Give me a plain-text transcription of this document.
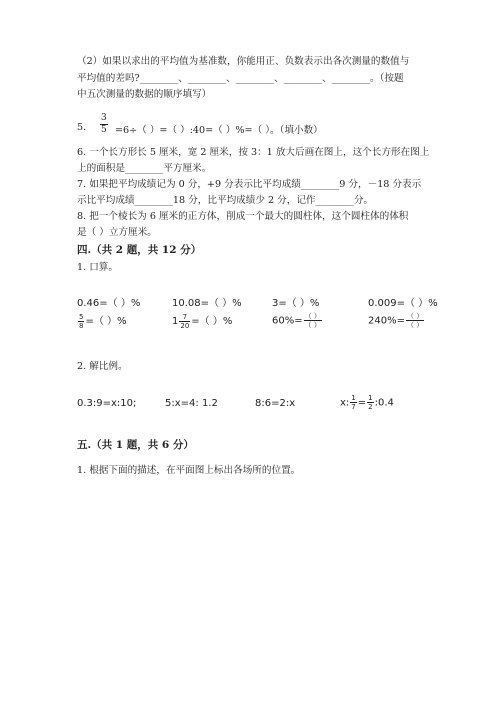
（2）如果以求出的平均值为基准数，你能用正、负数表示出各次测量的数值与
平均值的差吗?________、________、________、________、________。（按题
中五次测量的数据的顺序填写）
5. $\frac{3}{5} =6\div$（ ）=（ ）:40=（ ）%=（ ）。（填小数）
6. 一个长方形长 5 厘米，宽 2 厘米，按 3：1 放大后画在图上，这个长方形在图上
上的面积是________平方厘米。
7. 如果把平均成绩记为 0 分，+9 分表示比平均成绩________9 分，－18 分表示
示比平均成绩________18 分，比平均成绩少 2 分，记作________分。
8. 把一个棱长为 6 厘米的正方体，削成一个最大的圆柱体，这个圆柱体的体积
是（ ）立方厘米。
四.（共 2 题，共 12 分）
1. 口算。
0.46=（ ）%	10.08=（ ）%	3=（ ）%	0.009=（ ）%
$\frac{5}{8}$ =（ ）%	$1 \frac{7}{20}$ =（ ）%	$60\%= \frac{( )}{( )}$	$240\%= \frac{( )}{( )}$
2. 解比例。
0.3:9=x:10;	5:x=4: 1.2	8:6=2:x	x: $\frac{1}{7} = \frac{1}{2}$ :0.4
五.（共 1 题，共 6 分）
1. 根据下面的描述，在平面图上标出各场所的位置。
